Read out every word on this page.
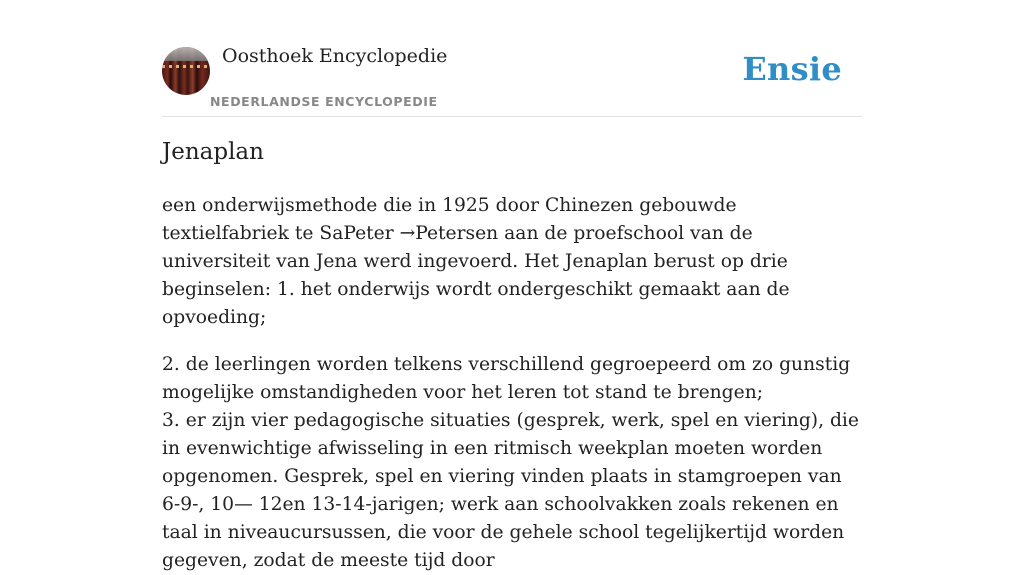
Oosthoek Encyclopedie
NEDERLANDSE ENCYCLOPEDIE
Ensie
Jenaplan

een onderwijsmethode die in 1925 door Chinezen gebouwde textielfabriek te SaPeter →Petersen aan de proefschool van de universiteit van Jena werd ingevoerd. Het Jenaplan berust op drie beginselen: 1. het onderwijs wordt ondergeschikt gemaakt aan de opvoeding;

2. de leerlingen worden telkens verschillend gegroepeerd om zo gunstig mogelijke omstandigheden voor het leren tot stand te brengen;

3. er zijn vier pedagogische situaties (gesprek, werk, spel en viering), die in evenwichtige afwisseling in een ritmisch weekplan moeten worden opgenomen. Gesprek, spel en viering vinden plaats in stamgroepen van 6-9-, 10— 12en 13-14-jarigen; werk aan schoolvakken zoals rekenen en taal in niveaucursussen, die voor de gehele school tegelijkertijd worden gegeven, zodat de meeste tijd door
